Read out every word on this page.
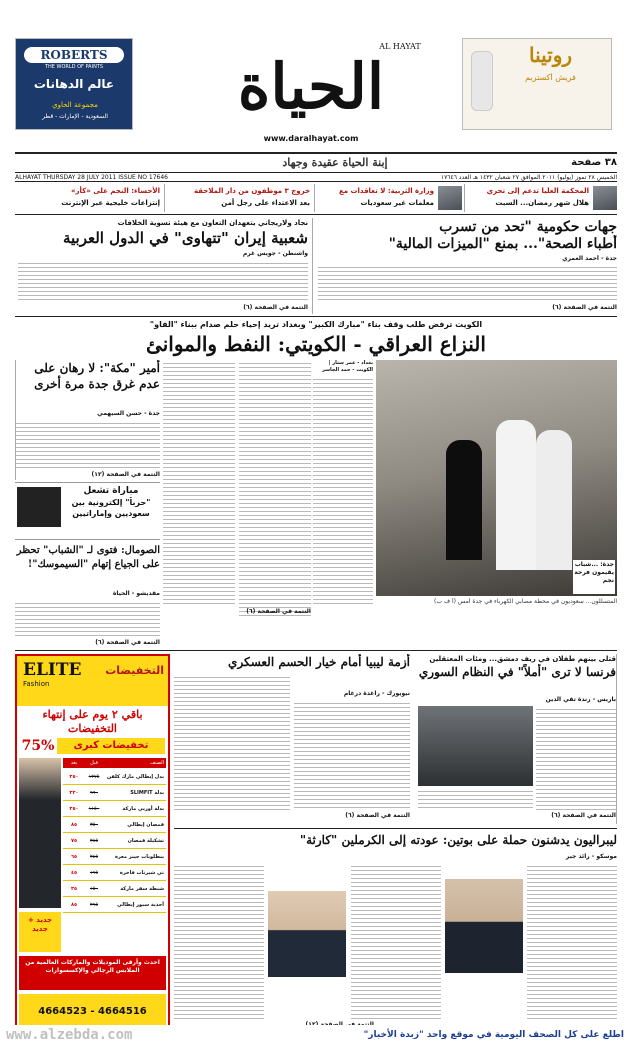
ROBERTS
THE WORLD OF PAINTS
عالم الدهانات
مجموعة الحاوي
السعودية - الإمارات - قطر
AL HAYAT
الحياة
www.daralhayat.com
روتينا
فريش أكستريم
٣٨ صفحة
إبنة الحياة عقيدة وجهاد
ALHAYAT THURSDAY 28 JULY 2011 ISSUE NO 17646	الخميس ٢٨ تموز (يوليو) ٢٠١١ الموافق ٢٧ شعبان ١٤٣٢ هـ العدد ١٧٦٤٦
المحكمة العليا تدعم إلى تحري
هلال شهر رمضان... السبت
وزارة التربية: لا تعاقدات مع
معلمات غير سعوديات
خروج ٣ موظفون من دار الملاحقة
بعد الاعتداء على رجل أمن
الأحساء: النجم على «كأر»
إنتزاعات خليجية عبر الإنترنت
جهات حكومية "تحد من تسرب
أطباء الصحة"... بمنع "الميزات المالية"
جدة - أحمد العمري
التتمة في الصفحة (٦)
نجاد ولاريجاني يتعهدان التعاون مع هيئة تسوية الخلافات
شعبية إيران "تتهاوى" في الدول العربية
واشنطن - جويس غرم
التتمة في الصفحة (٦)
الكويت ترفض طلب وقف بناء "مبارك الكبير" وبغداد تريد إحياء حلم صدام ببناء "الفاو"
النزاع العراقي - الكويتي: النفط والموانئ
بغداد - عمر ستار | الكويت - حمد الجاسر
جدة: ...شباب يقيمون فرحة نجم
المتسللون... سعوديون في محطة مصابي الكهرباء في جدة أمس (أ ف ب)
التتمة في الصفحة (٦)
أمير "مكة": لا رهان على عدم غرق جدة مرة أخرى
جدة - حسن السيهمي
التتمة في الصفحة (١٢)
مباراة تشعل
"حرباً" إلكترونية بين سعوديين وإماراتيين
الصومال: فتوى لـ "الشباب" تحظر على الجياع إتهام "السيموسك"!
مقديشو - الحياة
التتمة في الصفحة (٦)
ELITE
Fashion
التخفيضات
باقي ٢ يوم على إنتهاء التخفيضات
تخفيضات كبرى
75%
بعد	قبل	الصنف
٣٥٠	١٢٧٥	بدل إيطالي مارك كلفن
٣٢٠	٩٦٠	بدلة SLIMFIT
٣٥٠	١١٥٠	بدلة أوربي ماركة
٨٥	٣٥٠	قمصان إيطالي
٧٥	٢٨٥	تشكيلة قمصان
٦٥	٢٤٥	بنطلونات جينز معرة
٤٥	١٩٥	تي شيرتات فاخرة
٣٥	١٥٠	شنطة سفر ماركة
٨٥	٢٩٥	أحذية سبور إيطالي
جديد + جديد
احدث وأرقى الموديلات والماركات العالمية من الملابس الرجالي والإكسسوارات
4664523 - 4664516
أزمة ليبيا أمام خيار الحسم العسكري
نيويورك - راغدة درغام
التتمة في الصفحة (٦)
قتلى بينهم طفلان في ريف دمشق... ومئات المعتقلين
فرنسا لا ترى "أملاً" في النظام السوري
باريس - رندة تقي الدين
التتمة في الصفحة (٦)
ليبراليون يدشنون حملة على بوتين: عودته إلى الكرملين "كارثة"
موسكو - رائد جبر
www.alzebda.com	اطلع على كل الصحف اليومية في موقع واحد "زبدة الأخبار"
